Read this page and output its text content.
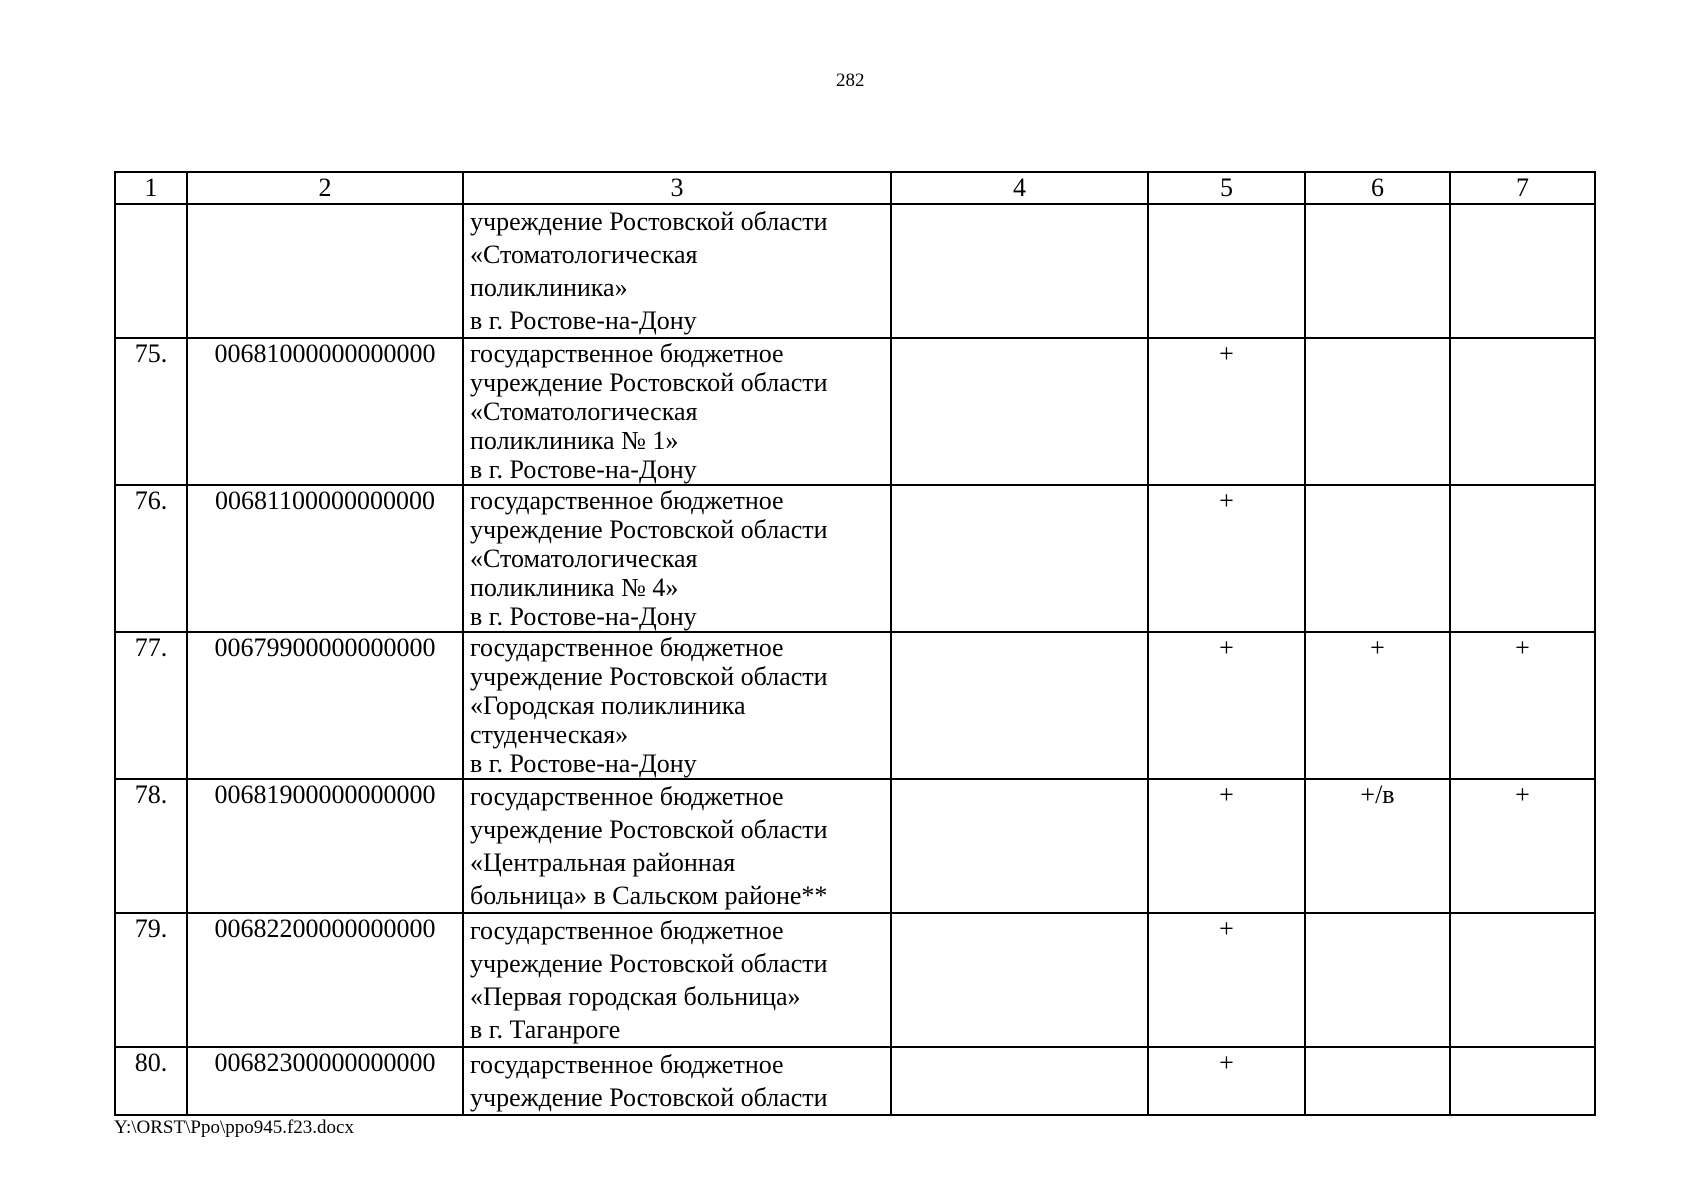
282
1	2	3	4	5	6	7

		учреждение Ростовской области
«Стоматологическая
поликлиника»
в г. Ростове-на-Дону				

75.	00681000000000000	государственное бюджетное
учреждение Ростовской области
«Стоматологическая
поликлиника № 1»
в г. Ростове-на-Дону		+		
76.	00681100000000000	государственное бюджетное
учреждение Ростовской области
«Стоматологическая
поликлиника № 4»
в г. Ростове-на-Дону		+		
77.	00679900000000000	государственное бюджетное
учреждение Ростовской области
«Городская поликлиника
студенческая»
в г. Ростове-на-Дону		+	+	+
78.	00681900000000000	государственное бюджетное
учреждение Ростовской области
«Центральная районная
больница» в Сальском районе**		+	+/в	+
79.	00682200000000000	государственное бюджетное
учреждение Ростовской области
«Первая городская больница»
в г. Таганроге		+		
80.	00682300000000000	государственное бюджетное
учреждение Ростовской области		+		
Y:\ORST\Ppo\ppo945.f23.docx
